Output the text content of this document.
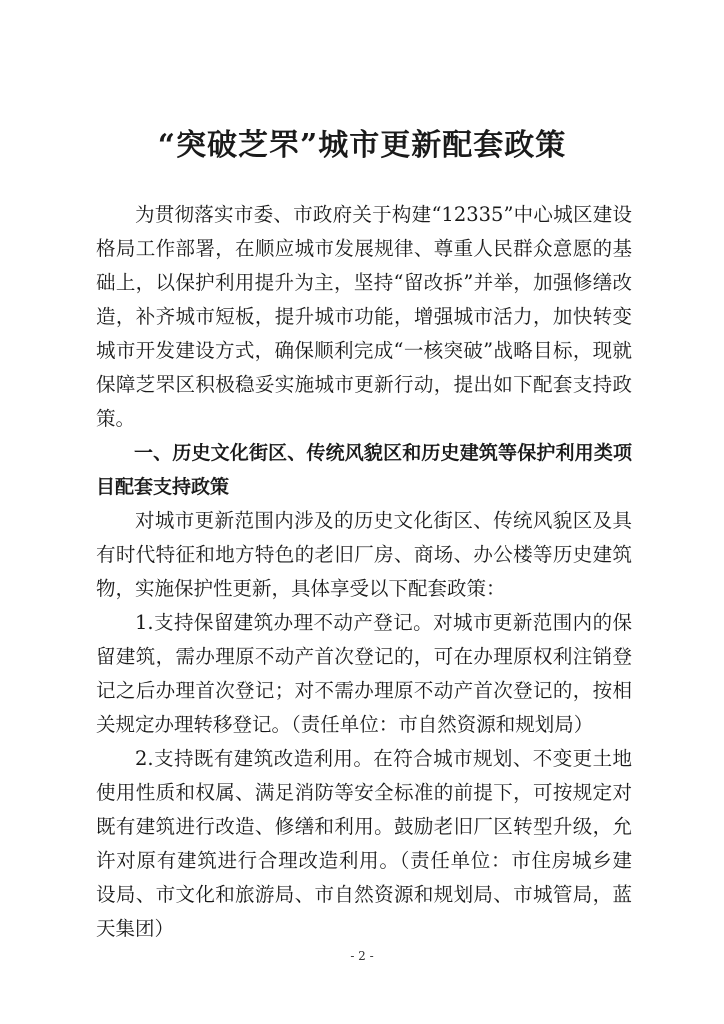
“突破芝罘”城市更新配套政策

为贯彻落实市委、市政府关于构建“12335”中心城区建设格局工作部署，在顺应城市发展规律、尊重人民群众意愿的基础上，以保护利用提升为主，坚持“留改拆”并举，加强修缮改造，补齐城市短板，提升城市功能，增强城市活力，加快转变城市开发建设方式，确保顺利完成“一核突破”战略目标，现就保障芝罘区积极稳妥实施城市更新行动，提出如下配套支持政策。

一、历史文化街区、传统风貌区和历史建筑等保护利用类项目配套支持政策

对城市更新范围内涉及的历史文化街区、传统风貌区及具有时代特征和地方特色的老旧厂房、商场、办公楼等历史建筑物，实施保护性更新，具体享受以下配套政策：

1.支持保留建筑办理不动产登记。对城市更新范围内的保留建筑，需办理原不动产首次登记的，可在办理原权利注销登记之后办理首次登记；对不需办理原不动产首次登记的，按相关规定办理转移登记。（责任单位：市自然资源和规划局）

2.支持既有建筑改造利用。在符合城市规划、不变更土地使用性质和权属、满足消防等安全标准的前提下，可按规定对既有建筑进行改造、修缮和利用。鼓励老旧厂区转型升级，允许对原有建筑进行合理改造利用。（责任单位：市住房城乡建设局、市文化和旅游局、市自然资源和规划局、市城管局，蓝天集团）

- 2 -
